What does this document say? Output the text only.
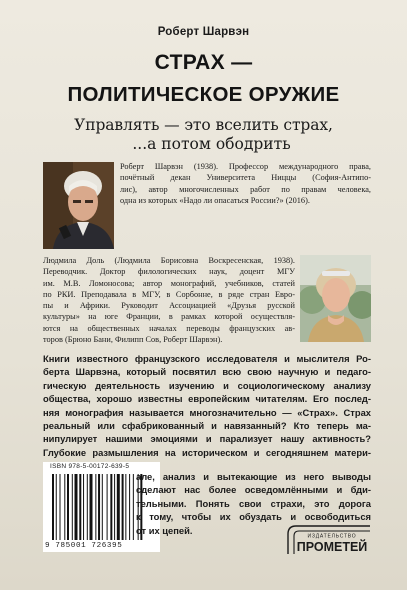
Роберт Шарвэн
СТРАХ —
ПОЛИТИЧЕСКОЕ ОРУЖИЕ
Управлять — это вселить страх,
...а потом ободрить
Роберт Шарвэн (1938). Профессор международного права,
почётный декан Университета Ниццы (София-Антипо-
лис), автор многочисленных работ по правам человека,
одна из которых «Надо ли опасаться России?» (2016).
Людмила Доль (Людмила Борисовна Воскресенская, 1938).
Переводчик. Доктор филологических наук, доцент МГУ
им. М.В. Ломоносова; автор монографий, учебников, статей
по РКИ. Преподавала в МГУ, в Сорбонне, в ряде стран Евро-
пы и Африки. Руководит Ассоциацией «Друзья русской
культуры» на юге Франции, в рамках которой осуществля-
ются на общественных началах переводы французских ав-
торов (Брюно Бани, Филипп Сов, Роберт Шарвэн).
Книги известного французского исследователя и мыслителя Ро-
берта Шарвэна, который посвятил всю свою научную и педаго-
гическую деятельность изучению и социологическому анализу
общества, хорошо известны европейским читателям. Его послед-
няя монография называется многозначительно — «Страх». Страх
реальный или сфабрикованный и навязанный? Кто теперь ма-
нипулирует нашими эмоциями и парализует нашу активность?
Глубокие размышления на историческом и сегодняшнем матери-
ISBN 978-5-00172-639-5
9 785001 726395
але, анализ и вытекающие из него выводы
сделают нас более осведомлёнными и бди-
тельными. Понять свои страхи, это дорога
к тому, чтобы их обуздать и освободиться
от их цепей.
ИЗДАТЕЛЬСТВО
ПРОМЕТЕЙ
